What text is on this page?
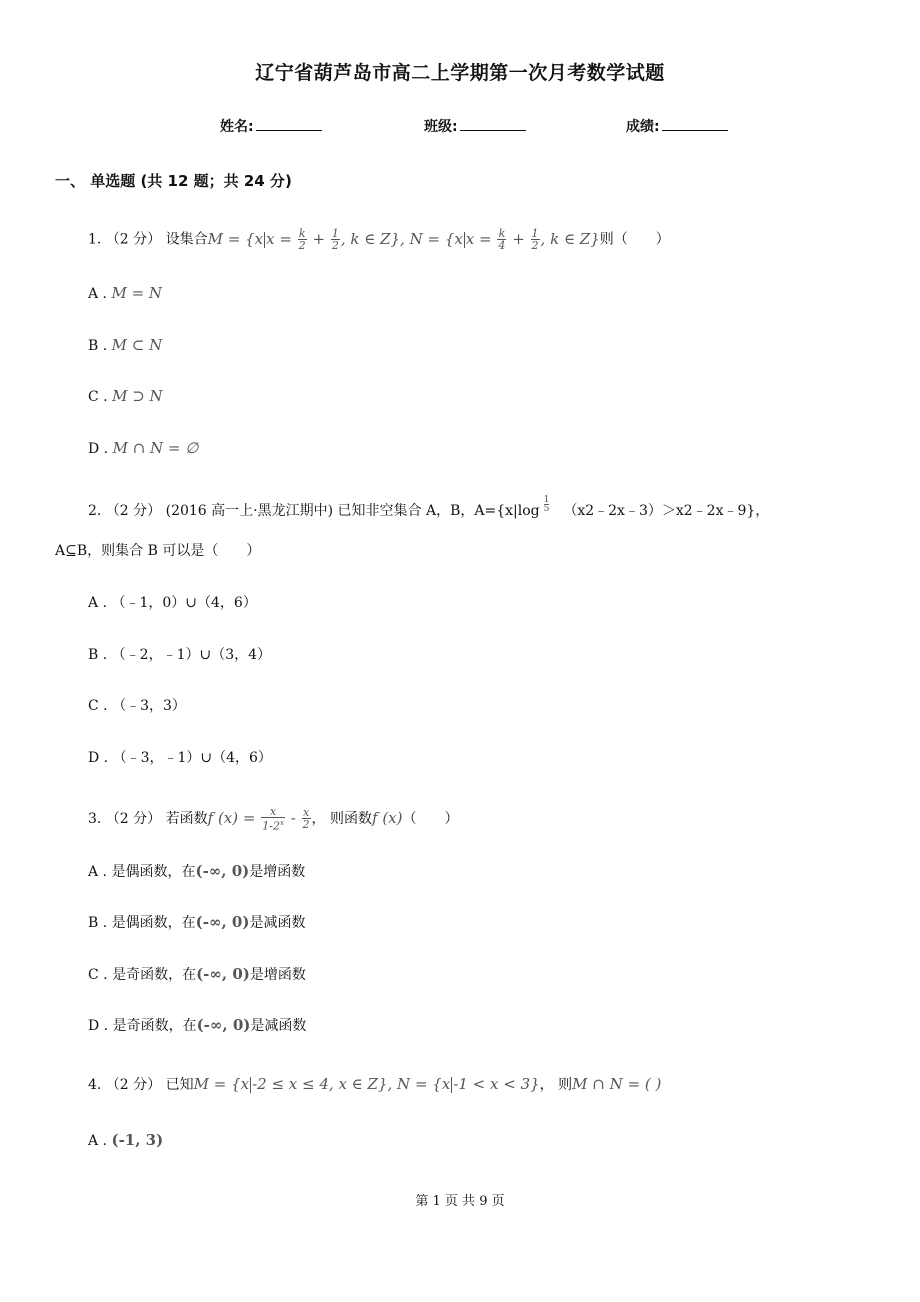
辽宁省葫芦岛市高二上学期第一次月考数学试题
姓名:	班级:	成绩:
一、 单选题 (共 12 题；共 24 分)
1. （2 分） 设集合M = {x $x = \frac{k}{2} + \frac{1}{2}$ , k ∈ Z}, N = {x $x = \frac{k}{4} + \frac{1}{2}$ , k ∈ Z}则（　　）
A . M = N
B . M ⊂ N
C . M ⊃ N
D . M ∩ N = ∅
2. （2 分） (2016 高一上·黑龙江期中) 已知非空集合 A，B，$A=\{x|\log \frac{1}{5}$ （x2﹣2x﹣3）＞x2﹣2x﹣9}，
A⊆B，则集合 B 可以是（　　）
A . （﹣1，0）∪（4，6）
B . （﹣2，﹣1）∪（3，4）
C . （﹣3，3）
D . （﹣3，﹣1）∪（4，6）
3. （2 分） 若函数f $(x) = \frac{x}{1-2^x} - \frac{x}{2}$ ， 则函数f (x)（　　）
A . 是偶函数，在(-∞, 0)是增函数
B . 是偶函数，在(-∞, 0)是减函数
C . 是奇函数，在(-∞, 0)是增函数
D . 是奇函数，在(-∞, 0)是减函数
4. （2 分） 已知M = {x -2 ≤ x ≤ 4, x ∈ Z}, N = {x -1 < x < 3}， 则M ∩ N = ( )
A . (-1, 3)
第 1 页 共 9 页
